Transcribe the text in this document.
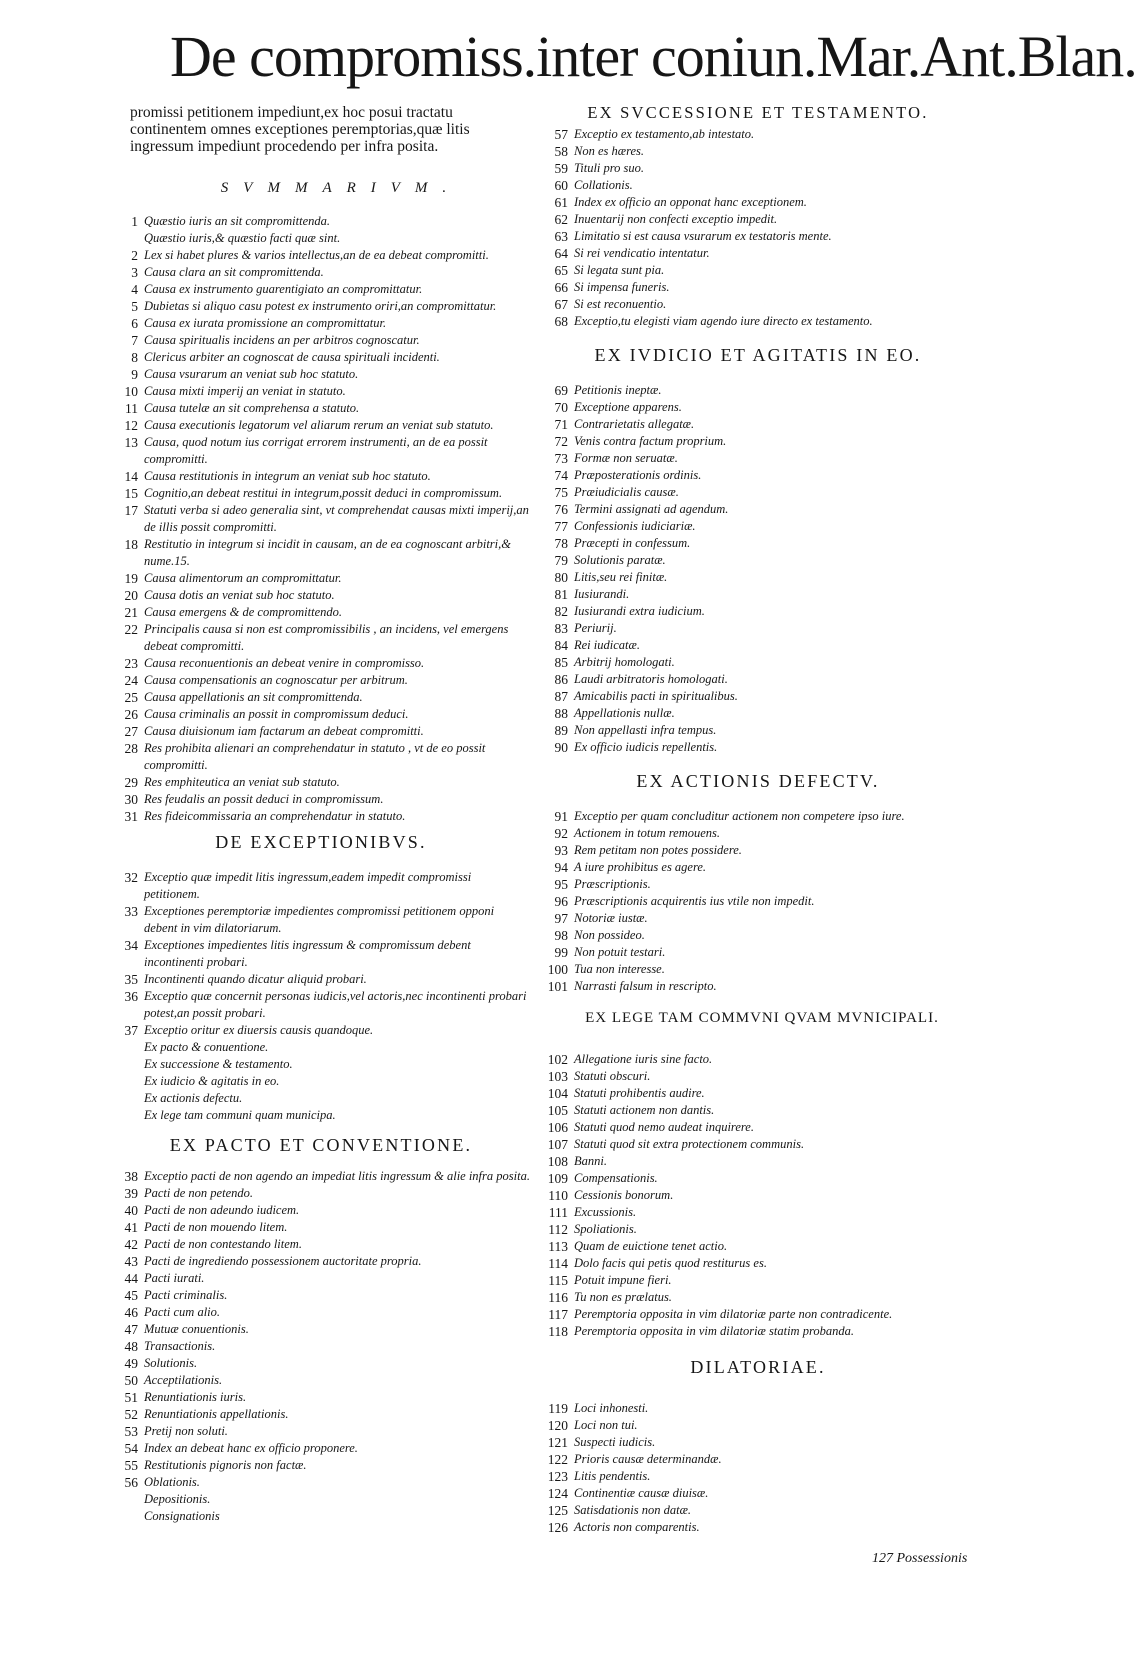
De compromiss.inter coniun.Mar.Ant.Blan.
promissi petitionem impediunt,ex hoc posui tractatu continentem omnes exceptiones peremptorias,quæ litis ingressum impediunt procedendo per infra posita.
SVMMARIVM.
1 Quæstio iuris an sit compromittenda.
Quæstio iuris,& quæstio facti quæ sint.
2 Lex si habet plures & varios intellectus,an de ea debeat compromitti.
3 Causa clara an sit compromittenda.
4 Causa ex instrumento guarentigiato an compromittatur.
5 Dubietas si aliquo casu potest ex instrumento oriri,an compromittatur.
6 Causa ex iurata promissione an compromittatur.
7 Causa spiritualis incidens an per arbitros cognoscatur.
8 Clericus arbiter an cognoscat de causa spirituali incidenti.
9 Causa vsurarum an veniat sub hoc statuto.
10 Causa mixti imperij an veniat in statuto.
11 Causa tutelæ an sit comprehensa a statuto.
12 Causa executionis legatorum vel aliarum rerum an veniat sub statuto.
13 Causa, quod notum ius corrigat errorem instrumenti, an de ea possit compromitti.
14 Causa restitutionis in integrum an veniat sub hoc statuto.
15 Cognitio,an debeat restitui in integrum,possit deduci in compromissum.
17 Statuti verba si adeo generalia sint, vt comprehendat causas mixti imperij,an de illis possit compromitti.
18 Restitutio in integrum si incidit in causam, an de ea cognoscant arbitri,& nume.15.
19 Causa alimentorum an compromittatur.
20 Causa dotis an veniat sub hoc statuto.
21 Causa emergens & de compromittendo.
22 Principalis causa si non est compromissibilis , an incidens, vel emergens debeat compromitti.
23 Causa reconuentionis an debeat venire in compromisso.
24 Causa compensationis an cognoscatur per arbitrum.
25 Causa appellationis an sit compromittenda.
26 Causa criminalis an possit in compromissum deduci.
27 Causa diuisionum iam factarum an debeat compromitti.
28 Res prohibita alienari an comprehendatur in statuto , vt de eo possit compromitti.
29 Res emphiteutica an veniat sub statuto.
30 Res feudalis an possit deduci in compromissum.
31 Res fideicommissaria an comprehendatur in statuto.
DE EXCEPTIONIBVS.
32 Exceptio quæ impedit litis ingressum,eadem impedit compromissi petitionem.
33 Exceptiones peremptoriæ impedientes compromissi petitionem opponi debent in vim dilatoriarum.
34 Exceptiones impedientes litis ingressum & compromissum debent incontinenti probari.
35 Incontinenti quando dicatur aliquid probari.
36 Exceptio quæ concernit personas iudicis,vel actoris,nec incontinenti probari potest,an possit probari.
37 Exceptio oritur ex diuersis causis quandoque.
Ex pacto & conuentione.
Ex successione & testamento.
Ex iudicio & agitatis in eo.
Ex actionis defectu.
Ex lege tam communi quam municipa.
EX PACTO ET CONVENTIONE.
38 Exceptio pacti de non agendo an impediat litis ingressum & alie infra posita.
39 Pacti de non petendo.
40 Pacti de non adeundo iudicem.
41 Pacti de non mouendo litem.
42 Pacti de non contestando litem.
43 Pacti de ingrediendo possessionem auctoritate propria.
44 Pacti iurati.
45 Pacti criminalis.
46 Pacti cum alio.
47 Mutuæ conuentionis.
48 Transactionis.
49 Solutionis.
50 Acceptilationis.
51 Renuntiationis iuris.
52 Renuntiationis appellationis.
53 Pretij non soluti.
54 Index an debeat hanc ex officio proponere.
55 Restitutionis pignoris non factæ.
56 Oblationis.
Depositionis.
Consignationis
EX SVCCESSIONE ET TESTAMENTO.
57 Exceptio ex testamento,ab intestato.
58 Non es hæres.
59 Tituli pro suo.
60 Collationis.
61 Index ex officio an opponat hanc exceptionem.
62 Inuentarij non confecti exceptio impedit.
63 Limitatio si est causa vsurarum ex testatoris mente.
64 Si rei vendicatio intentatur.
65 Si legata sunt pia.
66 Si impensa funeris.
67 Si est reconuentio.
68 Exceptio,tu elegisti viam agendo iure directo ex testamento.
EX IVDICIO ET AGITATIS IN EO.
69 Petitionis ineptæ.
70 Exceptione apparens.
71 Contrarietatis allegatæ.
72 Venis contra factum proprium.
73 Formæ non seruatæ.
74 Præposterationis ordinis.
75 Præiudicialis causæ.
76 Termini assignati ad agendum.
77 Confessionis iudiciariæ.
78 Præcepti in confessum.
79 Solutionis paratæ.
80 Litis,seu rei finitæ.
81 Iusiurandi.
82 Iusiurandi extra iudicium.
83 Periurij.
84 Rei iudicatæ.
85 Arbitrij homologati.
86 Laudi arbitratoris homologati.
87 Amicabilis pacti in spiritualibus.
88 Appellationis nullæ.
89 Non appellasti infra tempus.
90 Ex officio iudicis repellentis.
EX ACTIONIS DEFECTV.
91 Exceptio per quam concluditur actionem non competere ipso iure.
92 Actionem in totum remouens.
93 Rem petitam non potes possidere.
94 A iure prohibitus es agere.
95 Præscriptionis.
96 Præscriptionis acquirentis ius vtile non impedit.
97 Notoriæ iustæ.
98 Non possideo.
99 Non potuit testari.
100 Tua non interesse.
101 Narrasti falsum in rescripto.
EX LEGE TAM COMMVNI QVAM MVNICIPALI.
102 Allegatione iuris sine facto.
103 Statuti obscuri.
104 Statuti prohibentis audire.
105 Statuti actionem non dantis.
106 Statuti quod nemo audeat inquirere.
107 Statuti quod sit extra protectionem communis.
108 Banni.
109 Compensationis.
110 Cessionis bonorum.
111 Excussionis.
112 Spoliationis.
113 Quam de euictione tenet actio.
114 Dolo facis qui petis quod restiturus es.
115 Potuit impune fieri.
116 Tu non es prælatus.
117 Peremptoria opposita in vim dilatoriæ parte non contradicente.
118 Peremptoria opposita in vim dilatoriæ statim probanda.
DILATORIAE.
119 Loci inhonesti.
120 Loci non tui.
121 Suspecti iudicis.
122 Prioris causæ determinandæ.
123 Litis pendentis.
124 Continentiæ causæ diuisæ.
125 Satisdationis non datæ.
126 Actoris non comparentis.
127 Possessionis
